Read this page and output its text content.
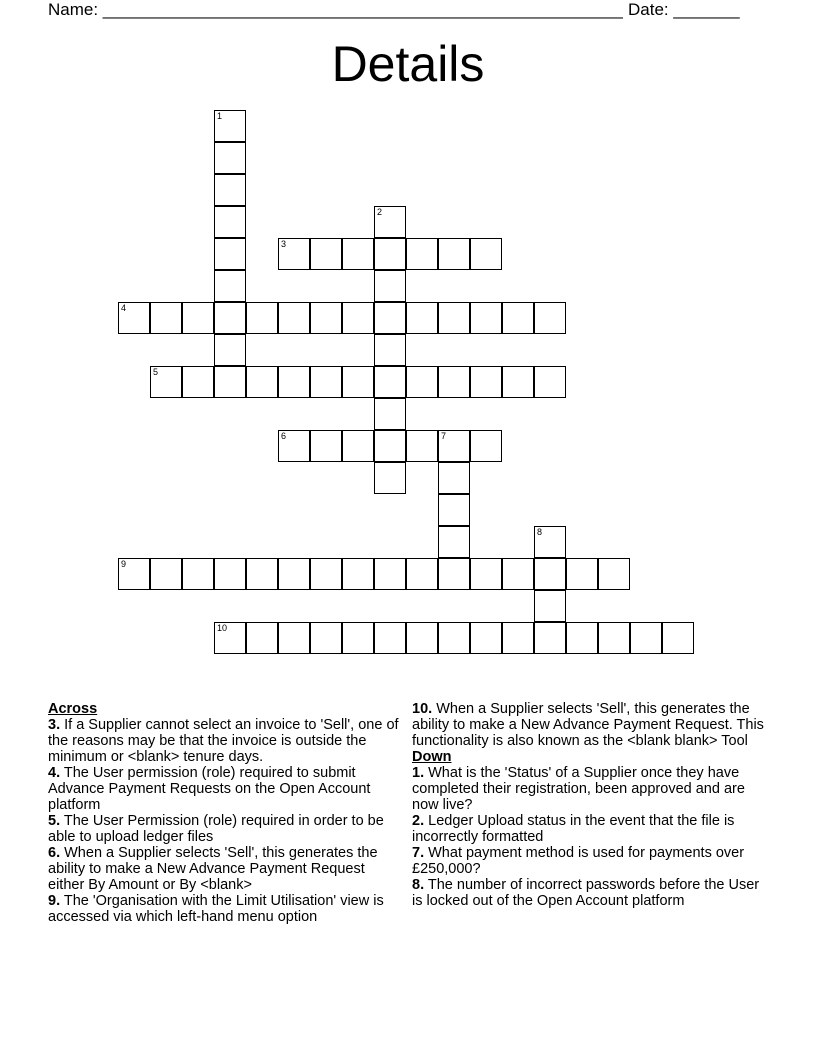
Name: _______________________________________________________ Date: _______
Details
1
2
3
4
5
6	7
8
9
10
Across
3. If a Supplier cannot select an invoice to 'Sell', one of the reasons may be that the invoice is outside the minimum or <blank> tenure days.
4. The User permission (role) required to submit Advance Payment Requests on the Open Account platform
5. The User Permission (role) required in order to be able to upload ledger files
6. When a Supplier selects 'Sell', this generates the ability to make a New Advance Payment Request either By Amount or By <blank>
9. The 'Organisation with the Limit Utilisation' view is accessed via which left-hand menu option
10. When a Supplier selects 'Sell', this generates the ability to make a New Advance Payment Request. This functionality is also known as the <blank blank> Tool
Down
1. What is the 'Status' of a Supplier once they have completed their registration, been approved and are now live?
2. Ledger Upload status in the event that the file is incorrectly formatted
7. What payment method is used for payments over £250,000?
8. The number of incorrect passwords before the User is locked out of the Open Account platform
